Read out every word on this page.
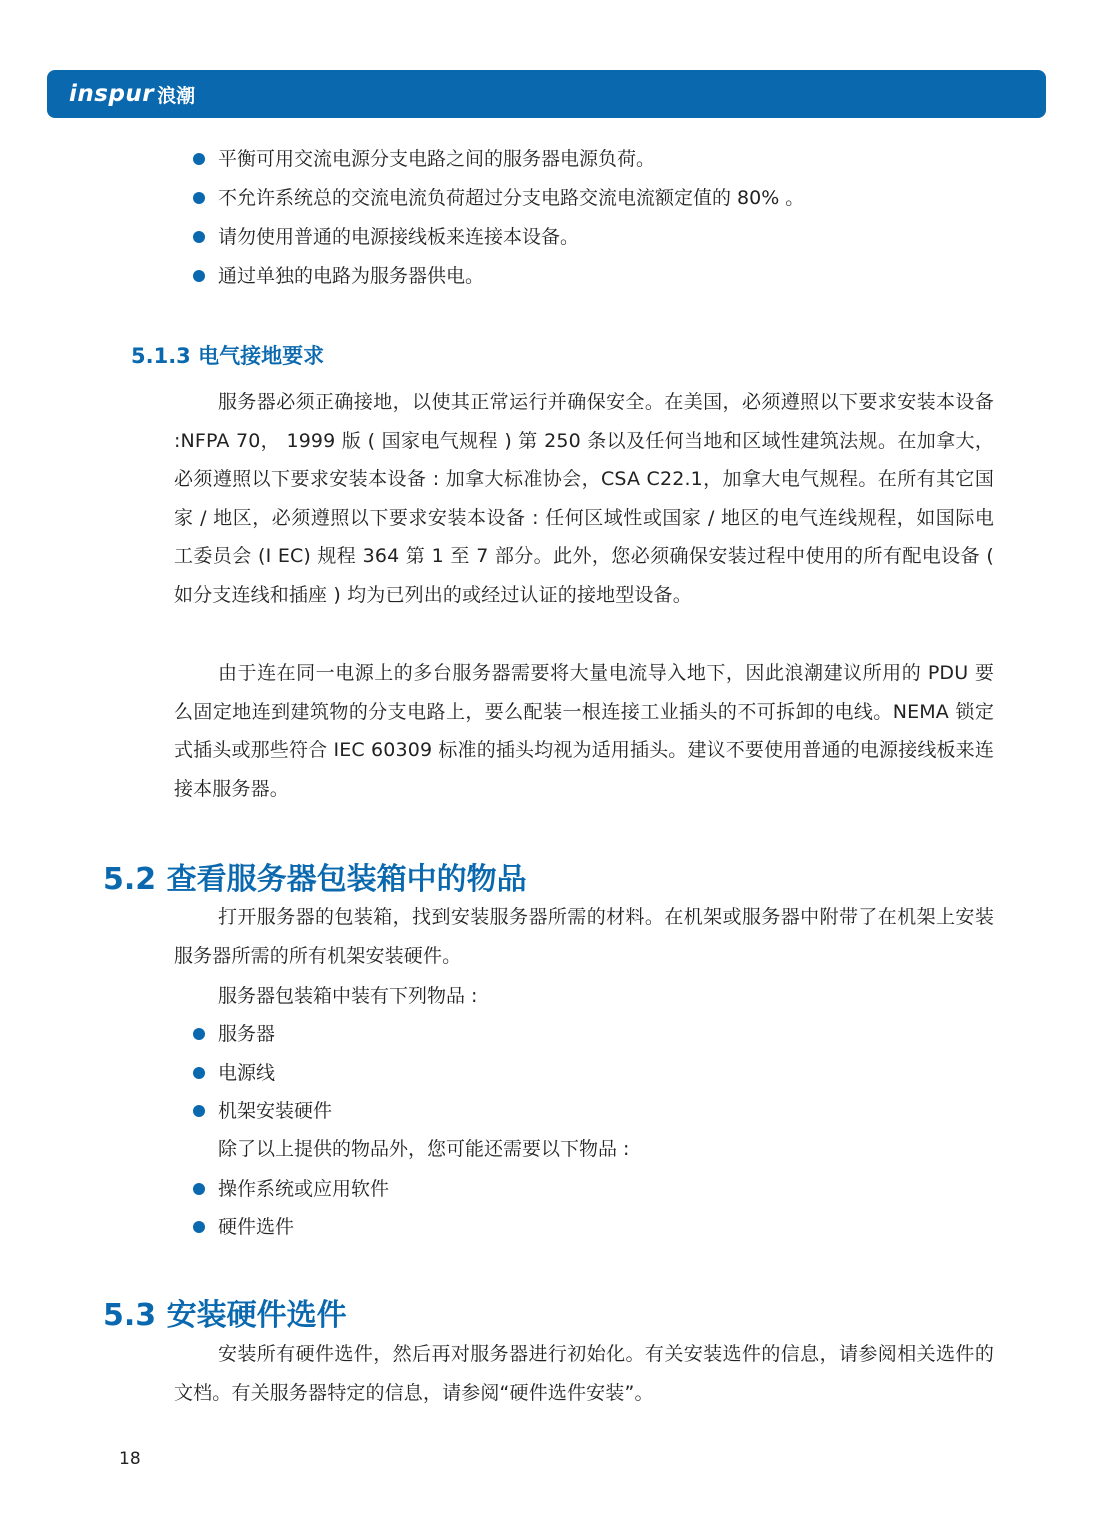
inspur 浪潮
平衡可用交流电源分支电路之间的服务器电源负荷。
不允许系统总的交流电流负荷超过分支电路交流电流额定值的 80% 。
请勿使用普通的电源接线板来连接本设备。
通过单独的电路为服务器供电。
5.1.3 电气接地要求
服务器必须正确接地，以使其正常运行并确保安全。在美国，必须遵照以下要求安装本设备 :NFPA 70， 1999 版 ( 国家电气规程 ) 第 250 条以及任何当地和区域性建筑法规。在加拿大，必须遵照以下要求安装本设备 : 加拿大标准协会，CSA C22.1，加拿大电气规程。在所有其它国家 / 地区，必须遵照以下要求安装本设备 : 任何区域性或国家 / 地区的电气连线规程，如国际电工委员会 (I EC) 规程 364 第 1 至 7 部分。此外，您必须确保安装过程中使用的所有配电设备 ( 如分支连线和插座 ) 均为已列出的或经过认证的接地型设备。
由于连在同一电源上的多台服务器需要将大量电流导入地下，因此浪潮建议所用的 PDU 要么固定地连到建筑物的分支电路上，要么配装一根连接工业插头的不可拆卸的电线。NEMA 锁定式插头或那些符合 IEC 60309 标准的插头均视为适用插头。建议不要使用普通的电源接线板来连接本服务器。
5.2 查看服务器包装箱中的物品
打开服务器的包装箱，找到安装服务器所需的材料。在机架或服务器中附带了在机架上安装服务器所需的所有机架安装硬件。
服务器包装箱中装有下列物品 :
服务器
电源线
机架安装硬件
除了以上提供的物品外，您可能还需要以下物品 :
操作系统或应用软件
硬件选件
5.3 安装硬件选件
安装所有硬件选件，然后再对服务器进行初始化。有关安装选件的信息，请参阅相关选件的文档。有关服务器特定的信息，请参阅“硬件选件安装”。
18
